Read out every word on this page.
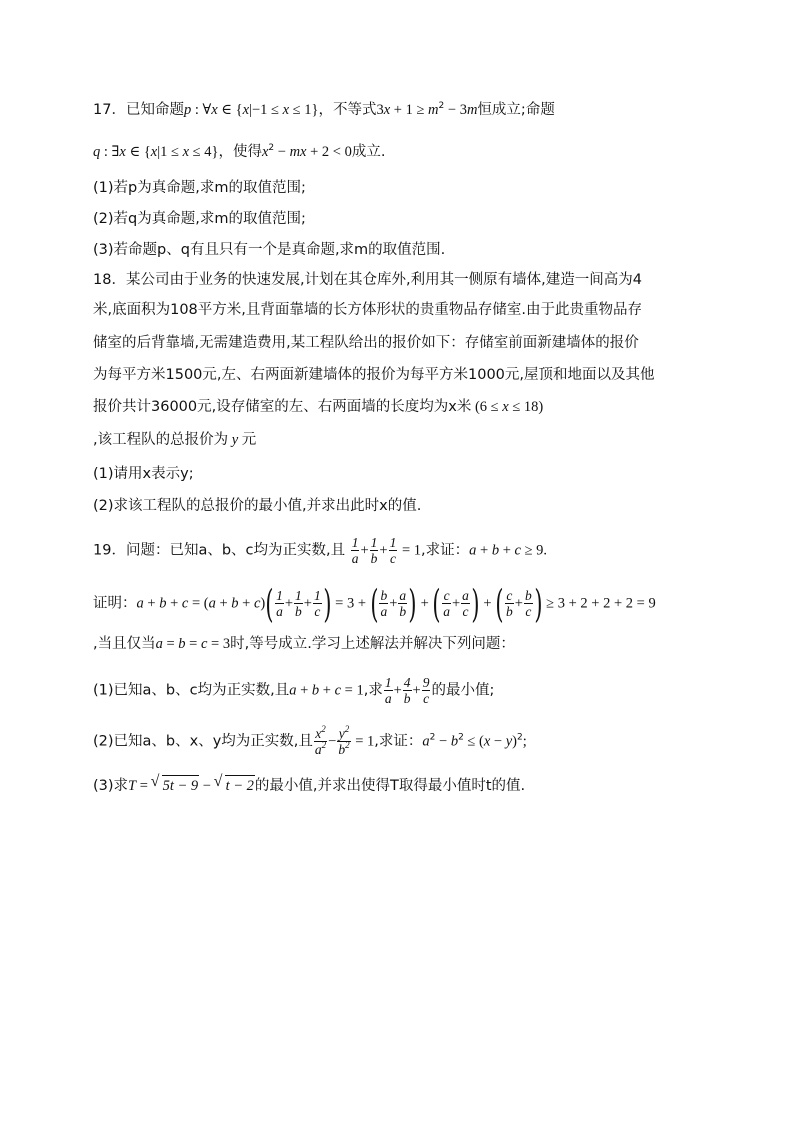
17．已知命题p : ∀x ∈ {x|−1 ≤ x ≤ 1}，不等式$3x + 1 \ge m^2 - 3m$恒成立;命题
q : ∃x ∈ {x|1 ≤ x ≤ 4}，使得$x^2$ − mx + 2 < 0成立.
(1)若p为真命题,求m的取值范围;
(2)若q为真命题,求m的取值范围;
(3)若命题p、q有且只有一个是真命题,求m的取值范围.
18．某公司由于业务的快速发展,计划在其仓库外,利用其一侧原有墙体,建造一间高为4
米,底面积为108平方米,且背面靠墙的长方体形状的贵重物品存储室.由于此贵重物品存
储室的后背靠墙,无需建造费用,某工程队给出的报价如下：存储室前面新建墙体的报价
为每平方米1500元,左、右两面新建墙体的报价为每平方米1000元,屋顶和地面以及其他
报价共计36000元,设存储室的左、右两面墙的长度均为x米 (6 ≤ x ≤ 18)
,该工程队的总报价为 y 元
(1)请用x表示y;
(2)求该工程队的总报价的最小值,并求出此时x的值.
19．问题：已知a、b、c均为正实数,且 $\frac{1}{a} + \frac{1}{b} + \frac{1}{c} = 1$,求证：a + b + c ≥ 9.
证明：$a + b + c = (a + b + c)( \frac{1}{a} + \frac{1}{b} + \frac{1}{c}$ ) = 3 + ( $\frac{b}{a} + \frac{a}{b}$ ) + ( $\frac{c}{a} + \frac{a}{c}$ ) + ( $\frac{c}{b} + \frac{b}{c}$ ) ≥ 3 + 2 + 2 + 2 = 9
,当且仅当a = b = c = 3时,等号成立.学习上述解法并解决下列问题：
(1)已知a、b、c均为正实数,且a + b + c = 1,求 $\frac{1}{a} + \frac{4}{b} + \frac{9}{c}$ 的最小值;
(2)已知a、b、x、y均为正实数,且 $\frac{x^2}{a^2} - \frac{y^2}{b^2} = 1$,求证：$a^2 - b^2 \le (x - y)^2$;
(3)求T = √ 5t − 9 − √ t − 2的最小值,并求出使得T取得最小值时t的值.
